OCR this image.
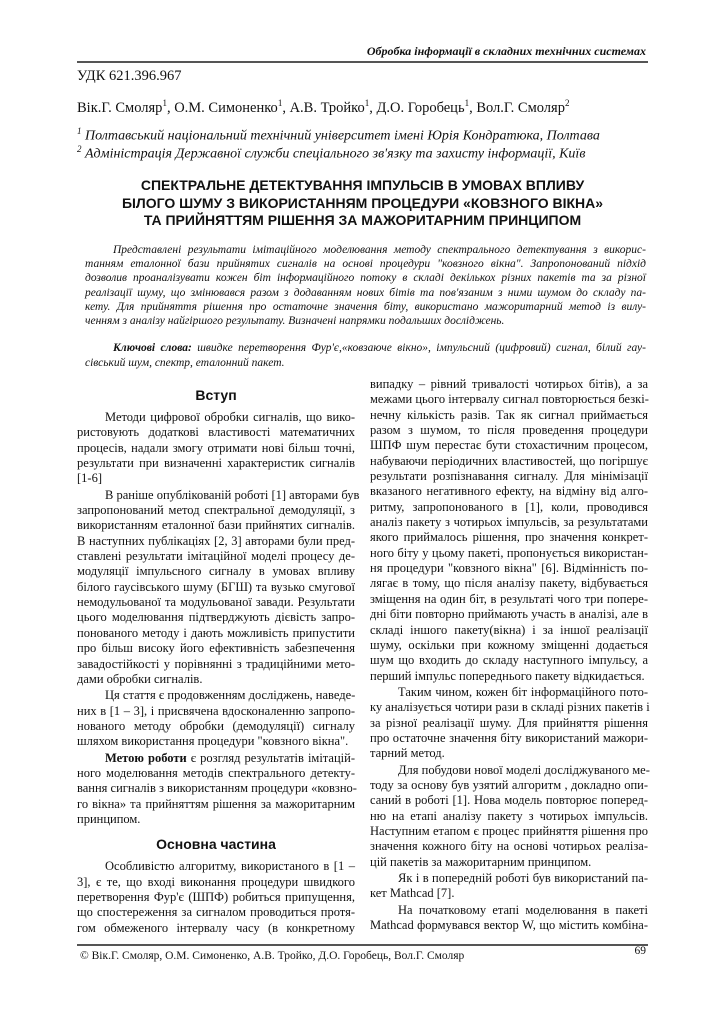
Обробка інформації в складних технічних системах
УДК 621.396.967
Вік.Г. Смоляр$^1$, О.М. Симоненко$^1$, А.В. Тройко$^1$, Д.О. Горобець$^1$, Вол.Г. Смоляр$^2$
$^1$ Полтавський національний технічний університет імені Юрія Кондратюка, Полтава
$^2$ Адміністрація Державної служби спеціального зв'язку та захисту інформації, Київ
СПЕКТРАЛЬНЕ ДЕТЕКТУВАННЯ ІМПУЛЬСІВ В УМОВАХ ВПЛИВУ
БІЛОГО ШУМУ З ВИКОРИСТАННЯМ ПРОЦЕДУРИ «КОВЗНОГО ВІКНА»
ТА ПРИЙНЯТТЯМ РІШЕННЯ ЗА МАЖОРИТАРНИМ ПРИНЦИПОМ
Представлені результати імітаційного моделювання методу спектрального детектування з викорис-
танням еталонної бази прийнятих сигналів на основі процедури "ковзного вікна". Запропонований підхід
дозволив проаналізувати кожен біт інформаційного потоку в складі декількох різних пакетів та за різної
реалізації шуму, що змінювався разом з додаванням нових бітів та пов'язаним з ними шумом до складу па-
кету. Для прийняття рішення про остаточне значення біту, використано мажоритарний метод із вилу-
ченням з аналізу найгіршого результату. Визначені напрямки подальших досліджень.
Ключові слова: швидке перетворення Фур'є,«ковзаюче вікно», імпульсний (цифровий) сигнал, білий гау-
сівський шум, спектр, еталонний пакет.
Вступ
Методи цифрової обробки сигналів, що вико-
ристовують додаткові властивості математичних
процесів, надали змогу отримати нові більш точні,
результати при визначенні характеристик сигналів
[1-6]
В раніше опублікованій роботі [1] авторами був
запропонований метод спектральної демодуляції, з
використанням еталонної бази прийнятих сигналів.
В наступних публікаціях [2, 3] авторами були пред-
ставлені результати імітаційної моделі процесу де-
модуляції імпульсного сигналу в умовах впливу
білого гаусівського шуму (БГШ) та вузько смугової
немодульованої та модульованої завади. Результати
цього моделювання підтверджують дієвість запро-
понованого методу і дають можливість припустити
про більш високу його ефективність забезпечення
завадостійкості у порівнянні з традиційними мето-
дами обробки сигналів.
Ця стаття є продовженням досліджень, наведе-
них в [1 – 3], і присвячена вдосконаленню запропо-
нованого методу обробки (демодуляції) сигналу
шляхом використання процедури "ковзного вікна".
Метою роботи є розгляд результатів імітацій-
ного моделювання методів спектрального детекту-
вання сигналів з використанням процедури «ковзно-
го вікна» та прийняттям рішення за мажоритарним
принципом.
Основна частина
Особливістю алгоритму, використаного в [1 –
3], є те, що вході виконання процедури швидкого
перетворення Фур'є (ШПФ) робиться припущення,
що спостереження за сигналом проводиться протя-
гом обмеженого інтервалу часу (в конкретному
випадку – рівний тривалості чотирьох бітів), а за
межами цього інтервалу сигнал повторюється безкі-
нечну кількість разів. Так як сигнал приймається
разом з шумом, то після проведення процедури
ШПФ шум перестає бути стохастичним процесом,
набуваючи періодичних властивостей, що погіршує
результати розпізнавання сигналу. Для мінімізації
вказаного негативного ефекту, на відміну від алго-
ритму, запропонованого в [1], коли, проводився
аналіз пакету з чотирьох імпульсів, за результатами
якого приймалось рішення, про значення конкрет-
ного біту у цьому пакеті, пропонується використан-
ня процедури "ковзного вікна" [6]. Відмінність по-
лягає в тому, що після аналізу пакету, відбувається
зміщення на один біт, в результаті чого три попере-
дні біти повторно приймають участь в аналізі, але в
складі іншого пакету(вікна) і за іншої реалізації
шуму, оскільки при кожному зміщенні додається
шум що входить до складу наступного імпульсу, а
перший імпульс попереднього пакету відкидається.
Таким чином, кожен біт інформаційного пото-
ку аналізується чотири рази в складі різних пакетів і
за різної реалізації шуму. Для прийняття рішення
про остаточне значення біту використаний мажори-
тарний метод.
Для побудови нової моделі досліджуваного ме-
тоду за основу був узятий алгоритм , докладно опи-
саний в роботі [1]. Нова модель повторює поперед-
ню на етапі аналізу пакету з чотирьох імпульсів.
Наступним етапом є процес прийняття рішення про
значення кожного біту на основі чотирьох реаліза-
цій пакетів за мажоритарним принципом.
Як і в попередній роботі був використаний па-
кет Mathcad [7].
На початковому етапі моделювання в пакеті
Mathcad формувався вектор W, що містить комбіна-
© Вік.Г. Смоляр, О.М. Симоненко, А.В. Тройко, Д.О. Горобець, Вол.Г. Смоляр	69
